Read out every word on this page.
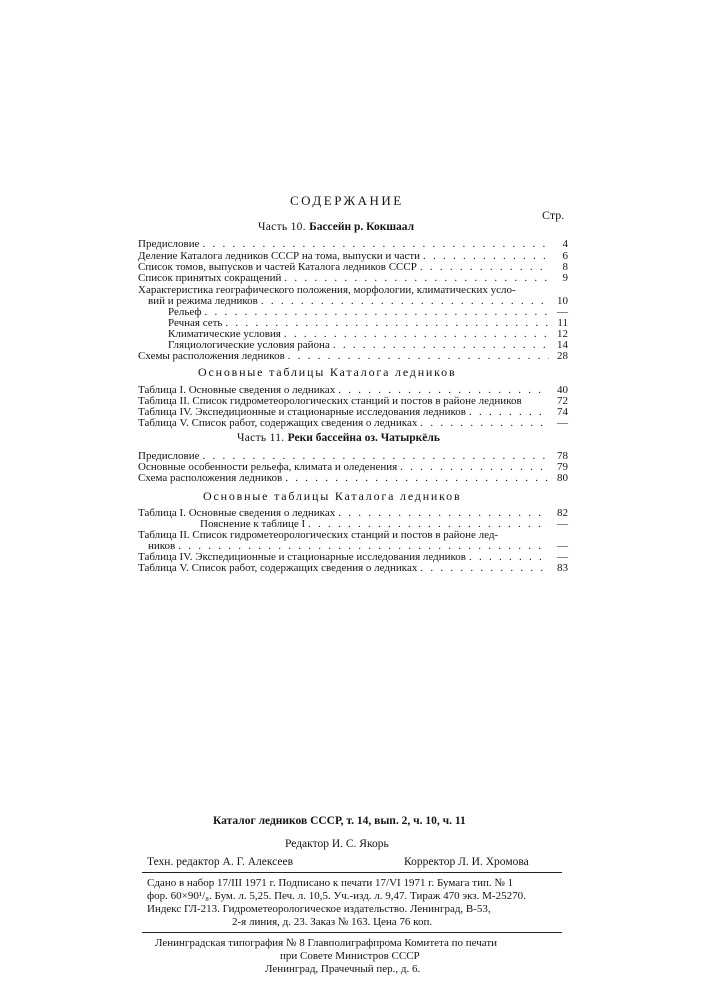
СОДЕРЖАНИЕ
Стр.
Часть 10. Бассейн р. Кокшаал
Предисловие . . .	4
Деление Каталога ледников СССР на тома, выпуски и части . . .	6
Список томов, выпусков и частей Каталога ледников СССР . . .	8
Список принятых сокращений . . .	9
Характеристика географического положения, морфологии, климатических усло-
вий и режима ледников . . .	10
Рельеф . . .	—
Речная сеть . . .	11
Климатические условия . . .	12
Гляциологические условия района . . .	14
Схемы расположения ледников . . .	28
Основные таблицы Каталога ледников
Таблица I. Основные сведения о ледниках . . .	40
Таблица II. Список гидрометеорологических станций и постов в районе ледников	72
Таблица IV. Экспедиционные и стационарные исследования ледников . . .	74
Таблица V. Список работ, содержащих сведения о ледниках . . .	—
Часть 11. Реки бассейна оз. Чатыркёль
Предисловие . . .	78
Основные особенности рельефа, климата и оледенения . . .	79
Схема расположения ледников . . .	80
Основные таблицы Каталога ледников
Таблица I. Основные сведения о ледниках . . .	82
Пояснение к таблице I . . .	—
Таблица II. Список гидрометеорологических станций и постов в районе лед-
ников . . .	—
Таблица IV. Экспедиционные и стационарные исследования ледников . . .	—
Таблица V. Список работ, содержащих сведения о ледниках . . .	83
Каталог ледников СССР, т. 14, вып. 2, ч. 10, ч. 11
Редактор И. С. Якорь
Техн. редактор А. Г. Алексеев	Корректор Л. И. Хромова
Сдано в набор 17/III 1971 г. Подписано к печати 17/VI 1971 г. Бумага тип. № 1
фор. 60×90¹/₈. Бум. л. 5,25. Печ. л. 10,5. Уч.-изд. л. 9,47. Тираж 470 экз. М-25270.
Индекс ГЛ-213. Гидрометеорологическое издательство. Ленинград, В-53,
2-я линия, д. 23. Заказ № 163. Цена 76 коп.
Ленинградская типография № 8 Главполиграфпрома Комитета по печати
при Совете Министров СССР
Ленинград, Прачечный пер., д. 6.
